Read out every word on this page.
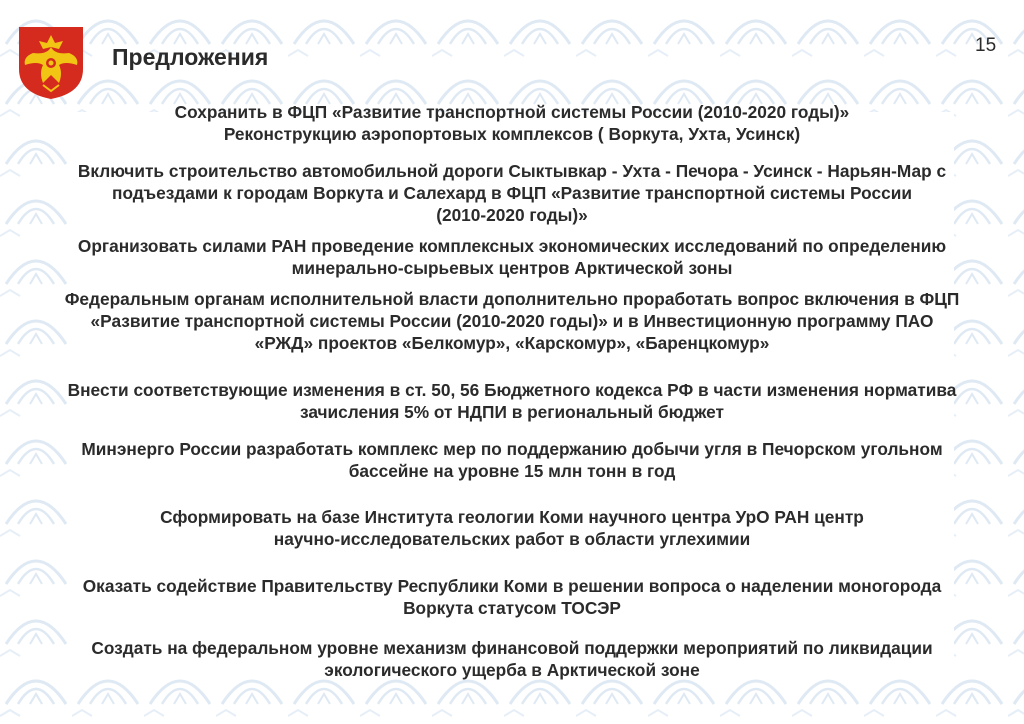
Предложения	15
Сохранить в ФЦП «Развитие транспортной системы России (2010-2020 годы)»
Реконструкцию аэропортовых комплексов ( Воркута, Ухта, Усинск)
Включить строительство автомобильной дороги Сыктывкар - Ухта - Печора - Усинск - Нарьян-Мар с
подъездами к городам Воркута и Салехард в ФЦП «Развитие транспортной системы России
(2010-2020 годы)»
Организовать силами РАН проведение комплексных экономических исследований по определению
минерально-сырьевых центров Арктической зоны
Федеральным органам исполнительной власти дополнительно проработать вопрос включения в ФЦП
«Развитие транспортной системы России (2010-2020 годы)» и в Инвестиционную программу ПАО
«РЖД» проектов «Белкомур», «Карскомур», «Баренцкомур»
Внести соответствующие изменения в ст. 50, 56 Бюджетного кодекса РФ в части изменения норматива
зачисления 5% от НДПИ в региональный бюджет
Минэнерго России разработать комплекс мер по поддержанию добычи угля в Печорском угольном
бассейне на уровне 15 млн тонн в год
Сформировать на базе Института геологии Коми научного центра УрО РАН центр
научно-исследовательских работ в области углехимии
Оказать содействие Правительству Республики Коми в решении вопроса о наделении моногорода
Воркута статусом ТОСЭР
Создать на федеральном уровне механизм финансовой поддержки мероприятий по ликвидации
экологического ущерба в Арктической зоне
